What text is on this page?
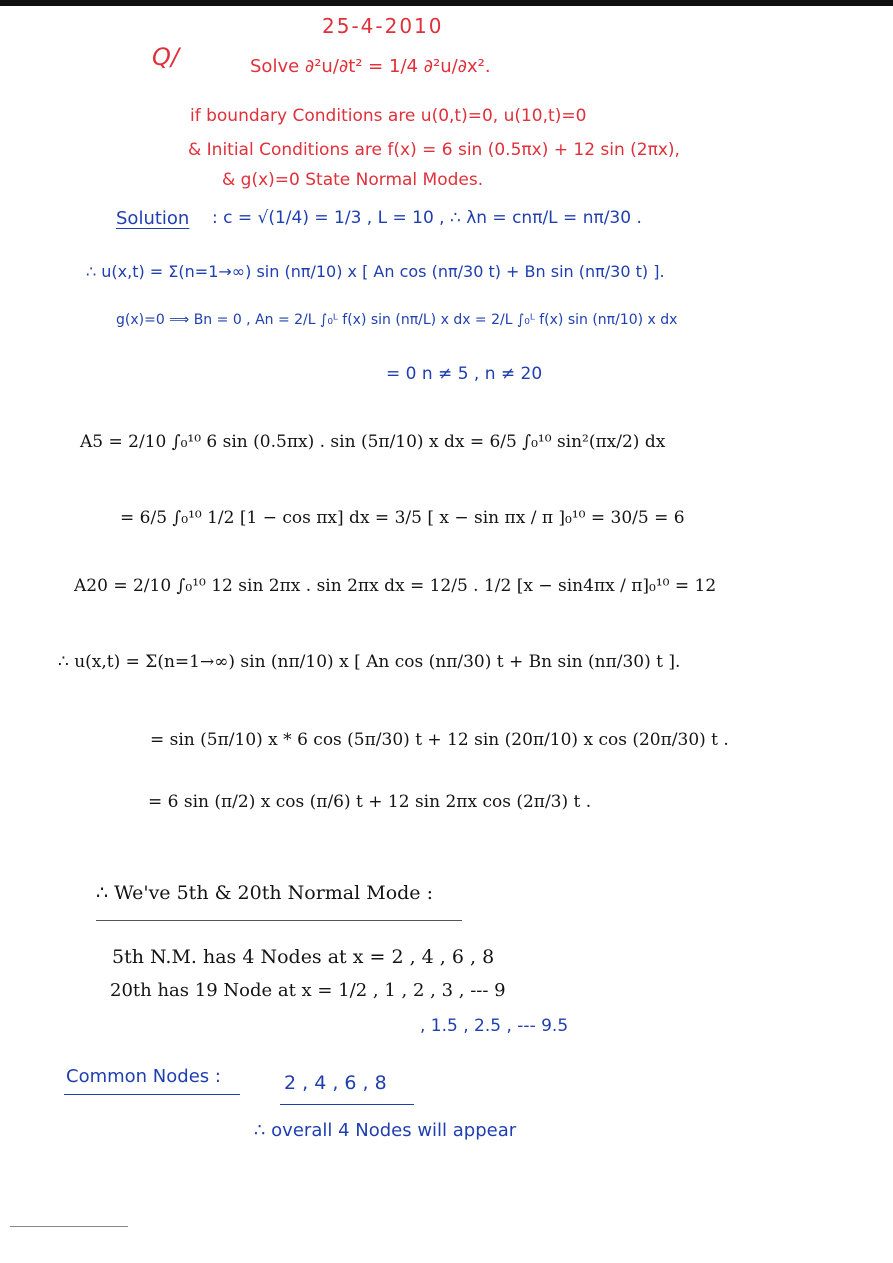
25-4-2010
Q/	Solve ∂²u/∂t² = 1/4 ∂²u/∂x².
if boundary Conditions are u(0,t)=0, u(10,t)=0
& Initial Conditions are f(x) = 6 sin (0.5πx) + 12 sin (2πx),
& g(x)=0 State Normal Modes.
Solution : c = √(1/4) = 1/3 , L = 10 , ∴ λn = cnπ/L = nπ/30 .
∴ u(x,t) = Σ(n=1→∞) sin (nπ/10) x [ An cos (nπ/30 t) + Bn sin (nπ/30 t) ].
g(x)=0 ⟹ Bn = 0 , An = 2/L ∫₀ᴸ f(x) sin (nπ/L) x dx = 2/L ∫₀ᴸ f(x) sin (nπ/10) x dx
= 0 n ≠ 5 , n ≠ 20
A5 = 2/10 ∫₀¹⁰ 6 sin (0.5πx) . sin (5π/10) x dx = 6/5 ∫₀¹⁰ sin²(πx/2) dx
= 6/5 ∫₀¹⁰ 1/2 [1 − cos πx] dx = 3/5 [ x − sin πx / π ]₀¹⁰ = 30/5 = 6
A20 = 2/10 ∫₀¹⁰ 12 sin 2πx . sin 2πx dx = 12/5 . 1/2 [x − sin4πx / π]₀¹⁰ = 12
∴ u(x,t) = Σ(n=1→∞) sin (nπ/10) x [ An cos (nπ/30) t + Bn sin (nπ/30) t ].
= sin (5π/10) x * 6 cos (5π/30) t + 12 sin (20π/10) x cos (20π/30) t .
= 6 sin (π/2) x cos (π/6) t + 12 sin 2πx cos (2π/3) t .
∴ We've 5th & 20th Normal Mode :
5th N.M. has 4 Nodes at x = 2 , 4 , 6 , 8
20th has 19 Node at x = 1/2 , 1 , 2 , 3 , --- 9
, 1.5 , 2.5 , --- 9.5
Common Nodes :	2 , 4 , 6 , 8
∴ overall 4 Nodes will appear
